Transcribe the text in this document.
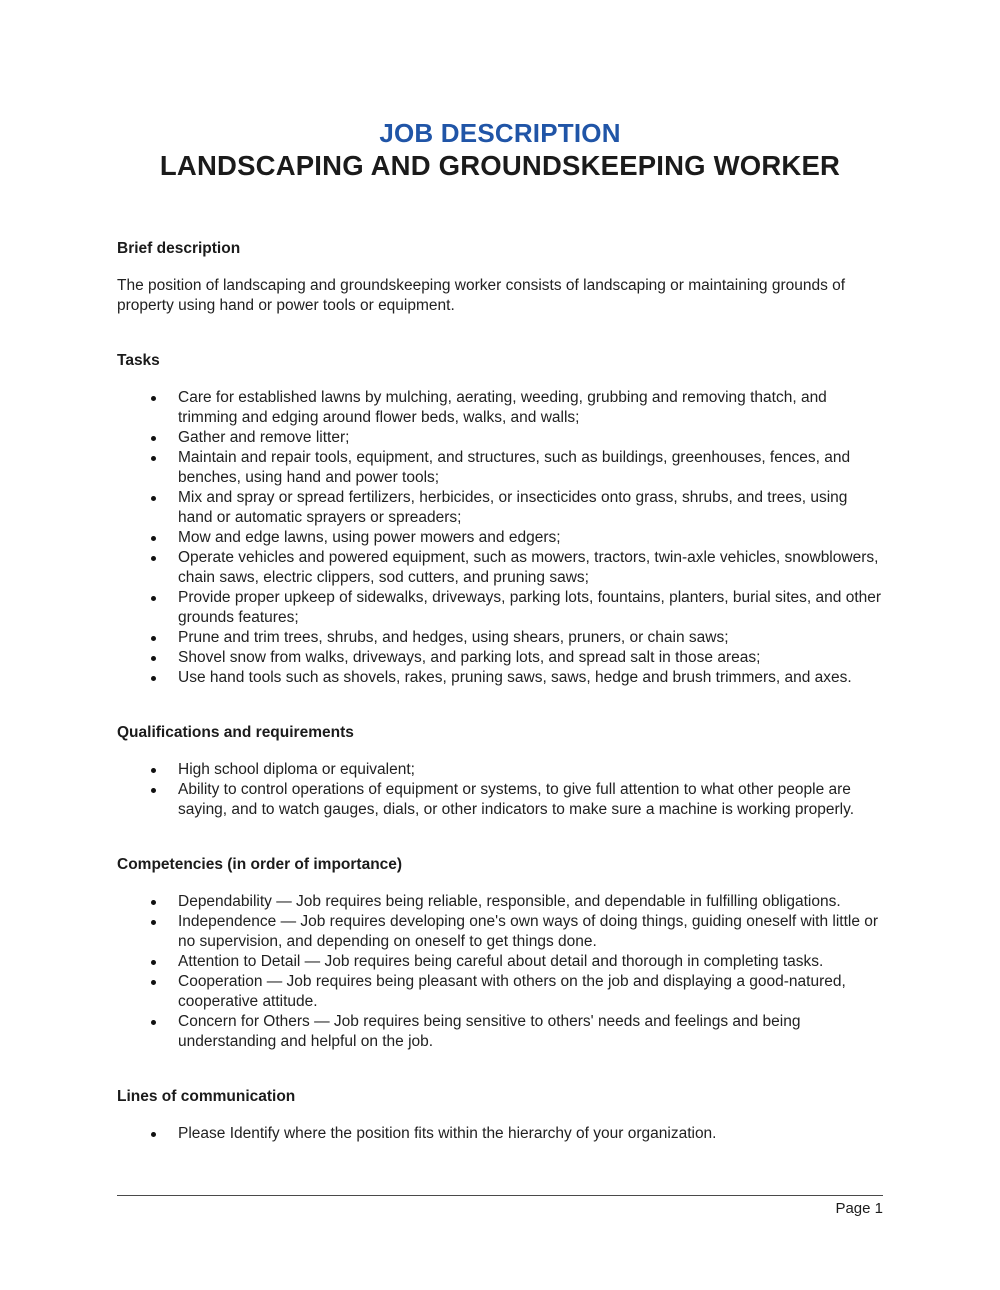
JOB DESCRIPTION
LANDSCAPING AND GROUNDSKEEPING WORKER
Brief description

The position of landscaping and groundskeeping worker consists of landscaping or maintaining grounds of property using hand or power tools or equipment.

Tasks
Care for established lawns by mulching, aerating, weeding, grubbing and removing thatch, and trimming and edging around flower beds, walks, and walls;
Gather and remove litter;
Maintain and repair tools, equipment, and structures, such as buildings, greenhouses, fences, and benches, using hand and power tools;
Mix and spray or spread fertilizers, herbicides, or insecticides onto grass, shrubs, and trees, using hand or automatic sprayers or spreaders;
Mow and edge lawns, using power mowers and edgers;
Operate vehicles and powered equipment, such as mowers, tractors, twin-axle vehicles, snowblowers, chain saws, electric clippers, sod cutters, and pruning saws;
Provide proper upkeep of sidewalks, driveways, parking lots, fountains, planters, burial sites, and other grounds features;
Prune and trim trees, shrubs, and hedges, using shears, pruners, or chain saws;
Shovel snow from walks, driveways, and parking lots, and spread salt in those areas;
Use hand tools such as shovels, rakes, pruning saws, saws, hedge and brush trimmers, and axes.
Qualifications and requirements
High school diploma or equivalent;
Ability to control operations of equipment or systems, to give full attention to what other people are saying, and to watch gauges, dials, or other indicators to make sure a machine is working properly.
Competencies (in order of importance)
Dependability — Job requires being reliable, responsible, and dependable in fulfilling obligations.
Independence — Job requires developing one's own ways of doing things, guiding oneself with little or no supervision, and depending on oneself to get things done.
Attention to Detail — Job requires being careful about detail and thorough in completing tasks.
Cooperation — Job requires being pleasant with others on the job and displaying a good-natured, cooperative attitude.
Concern for Others — Job requires being sensitive to others' needs and feelings and being understanding and helpful on the job.
Lines of communication
Please Identify where the position fits within the hierarchy of your organization.
Page 1
